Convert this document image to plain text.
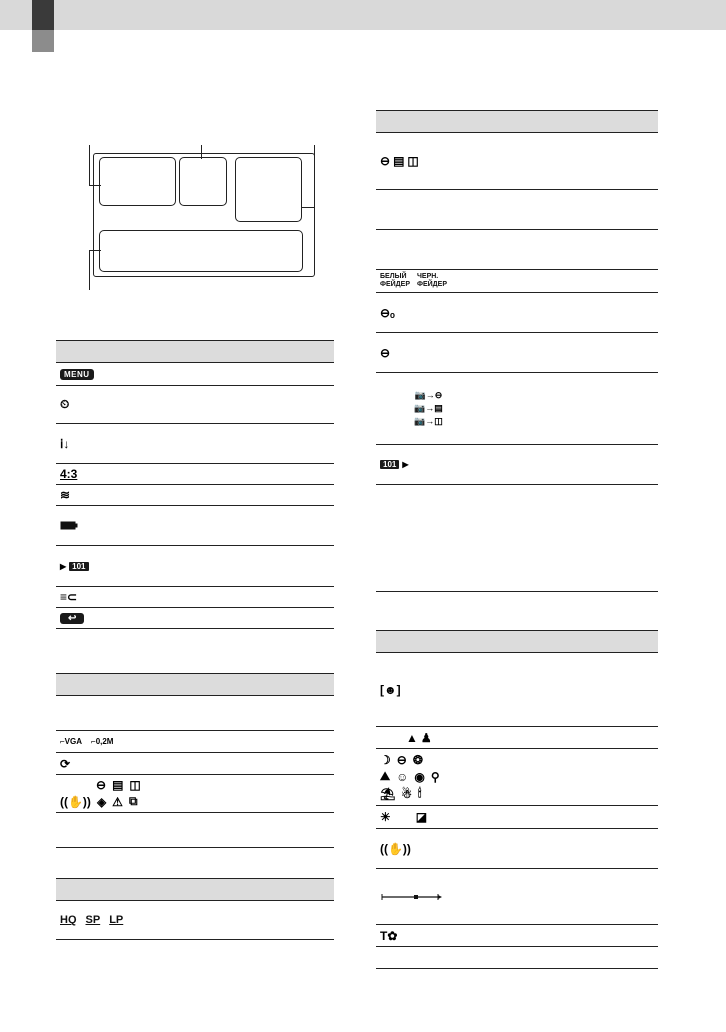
MENU
⏲
ⅰ↓
4:3
≋
▶ 101
≡⊂
↩
⌐ VGA ⌐ 0,2M
⟳
⊖ ▤ ◫
((✋)) ◈ ⚠ ⧉
HQ SP LP
⊖ ▤ ◫
БЕЛЫЙ
ФЕЙДЕР
ЧЕРН.
ФЕЙДЕР
⊖ₒ
⊖
📷→⊖
📷→▤
📷→◫
101 ▶
[☻]
▲ ♟
☽ ⊖ ❂
⛰ ☺ ◉ ⚲
⛱ ☃ 🕯
☀ ◪
((✋))
T✿
